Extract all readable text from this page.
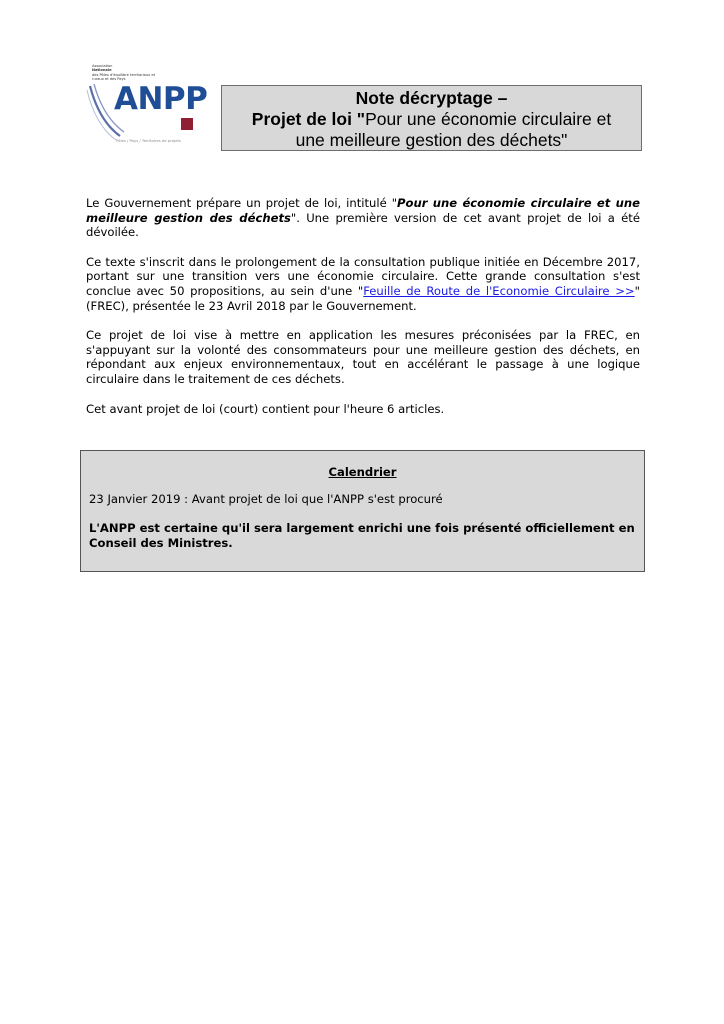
Association
Nationale
des Pôles d'équilibre territoriaux et ruraux et des Pays
ANPP
Pôles / Pays / Territoires de projets
Note décryptage –
Projet de loi "Pour une économie circulaire et
une meilleure gestion des déchets"

Le Gouvernement prépare un projet de loi, intitulé "Pour une économie circulaire et une meilleure gestion des déchets". Une première version de cet avant projet de loi a été dévoilée.

Ce texte s'inscrit dans le prolongement de la consultation publique initiée en Décembre 2017, portant sur une transition vers une économie circulaire. Cette grande consultation s'est conclue avec 50 propositions, au sein d'une "Feuille de Route de l'Economie Circulaire >>" (FREC), présentée le 23 Avril 2018 par le Gouvernement.

Ce projet de loi vise à mettre en application les mesures préconisées par la FREC, en s'appuyant sur la volonté des consommateurs pour une meilleure gestion des déchets, en répondant aux enjeux environnementaux, tout en accélérant le passage à une logique circulaire dans le traitement de ces déchets.

Cet avant projet de loi (court) contient pour l'heure 6 articles.

Calendrier
23 Janvier 2019 : Avant projet de loi que l'ANPP s'est procuré
L'ANPP est certaine qu'il sera largement enrichi une fois présenté officiellement en Conseil des Ministres.
